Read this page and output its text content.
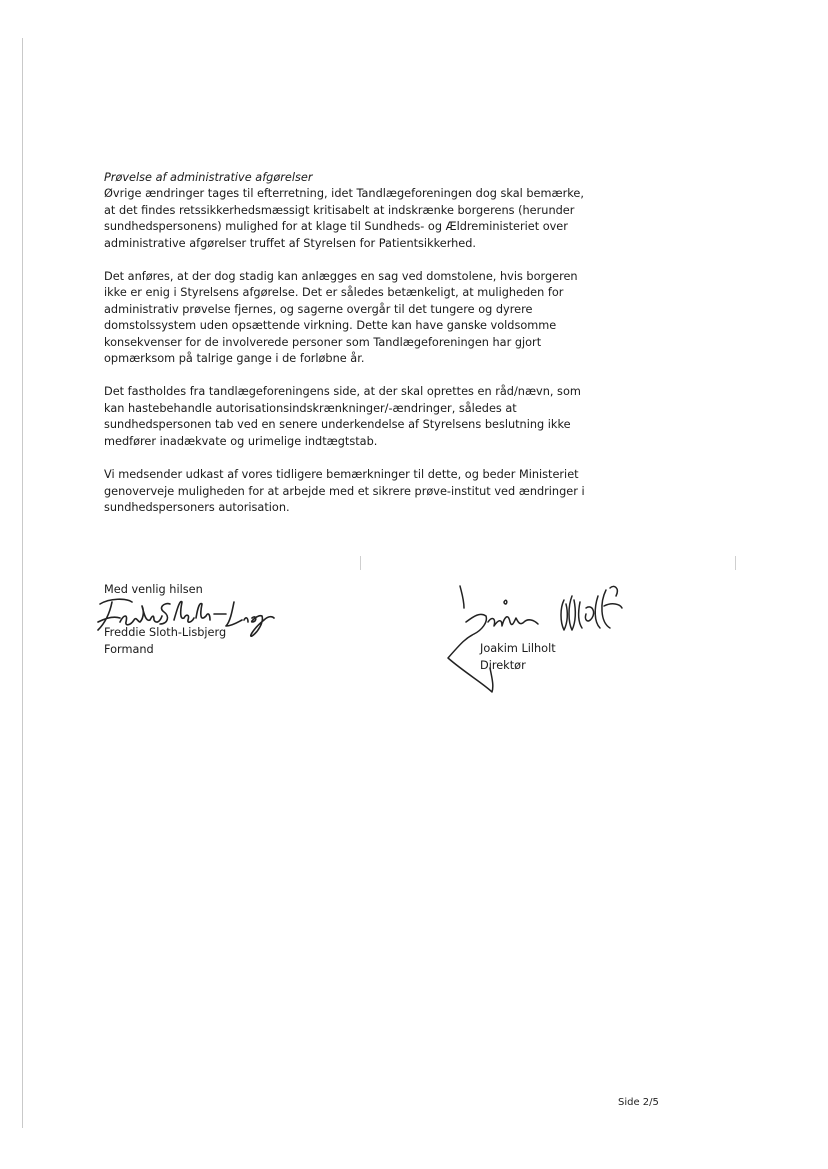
Prøvelse af administrative afgørelser

Øvrige ændringer tages til efterretning, idet Tandlægeforeningen dog skal bemærke, at det findes retssikkerhedsmæssigt kritisabelt at indskrænke borgerens (herunder sundhedspersonens) mulighed for at klage til Sundheds- og Ældreministeriet over administrative afgørelser truffet af Styrelsen for Patientsikkerhed.

Det anføres, at der dog stadig kan anlægges en sag ved domstolene, hvis borgeren ikke er enig i Styrelsens afgørelse. Det er således betænkeligt, at muligheden for administrativ prøvelse fjernes, og sagerne overgår til det tungere og dyrere domstolssystem uden opsættende virkning. Dette kan have ganske voldsomme konsekvenser for de involverede personer som Tandlægeforeningen har gjort opmærksom på talrige gange i de forløbne år.

Det fastholdes fra tandlægeforeningens side, at der skal oprettes en råd/nævn, som kan hastebehandle autorisationsindskrænkninger/-ændringer, således at sundhedspersonen tab ved en senere underkendelse af Styrelsens beslutning ikke medfører inadækvate og urimelige indtægtstab.

Vi medsender udkast af vores tidligere bemærkninger til dette, og beder Ministeriet genoverveje muligheden for at arbejde med et sikrere prøve-institut ved ændringer i sundhedspersoners autorisation.

Med venlig hilsen
Freddie Sloth-Lisbjerg
Formand	Joakim Lilholt
Direktør
Side 2/5
